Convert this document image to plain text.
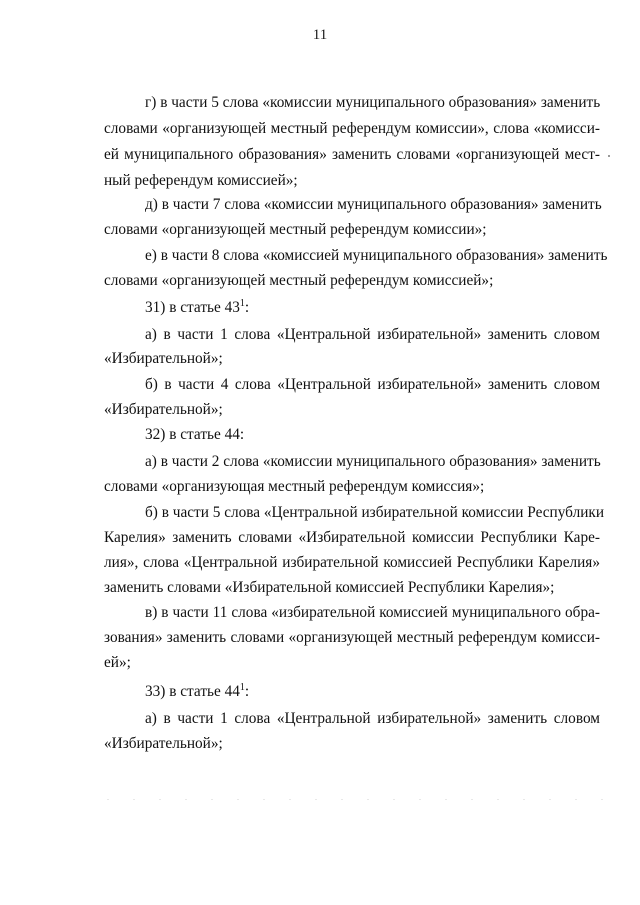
11
г) в части 5 слова «комиссии муниципального образования» заменить
словами «организующей местный референдум комиссии», слова «комисси-
ей муниципального образования» заменить словами «организующей мест-
ный референдум комиссией»;
д) в части 7 слова «комиссии муниципального образования» заменить
словами «организующей местный референдум комиссии»;
е) в части 8 слова «комиссией муниципального образования» заменить
словами «организующей местный референдум комиссией»;
31) в статье $43^1$:
а) в части 1 слова «Центральной избирательной» заменить словом
«Избирательной»;
б) в части 4 слова «Центральной избирательной» заменить словом
«Избирательной»;
32) в статье 44:
а) в части 2 слова «комиссии муниципального образования» заменить
словами «организующая местный референдум комиссия»;
б) в части 5 слова «Центральной избирательной комиссии Республики
Карелия» заменить словами «Избирательной комиссии Республики Каре-
лия», слова «Центральной избирательной комиссией Республики Карелия»
заменить словами «Избирательной комиссией Республики Карелия»;
в) в части 11 слова «избирательной комиссией муниципального обра-
зования» заменить словами «организующей местный референдум комисси-
ей»;
33) в статье $44^1$:
а) в части 1 слова «Центральной избирательной» заменить словом
«Избирательной»;
